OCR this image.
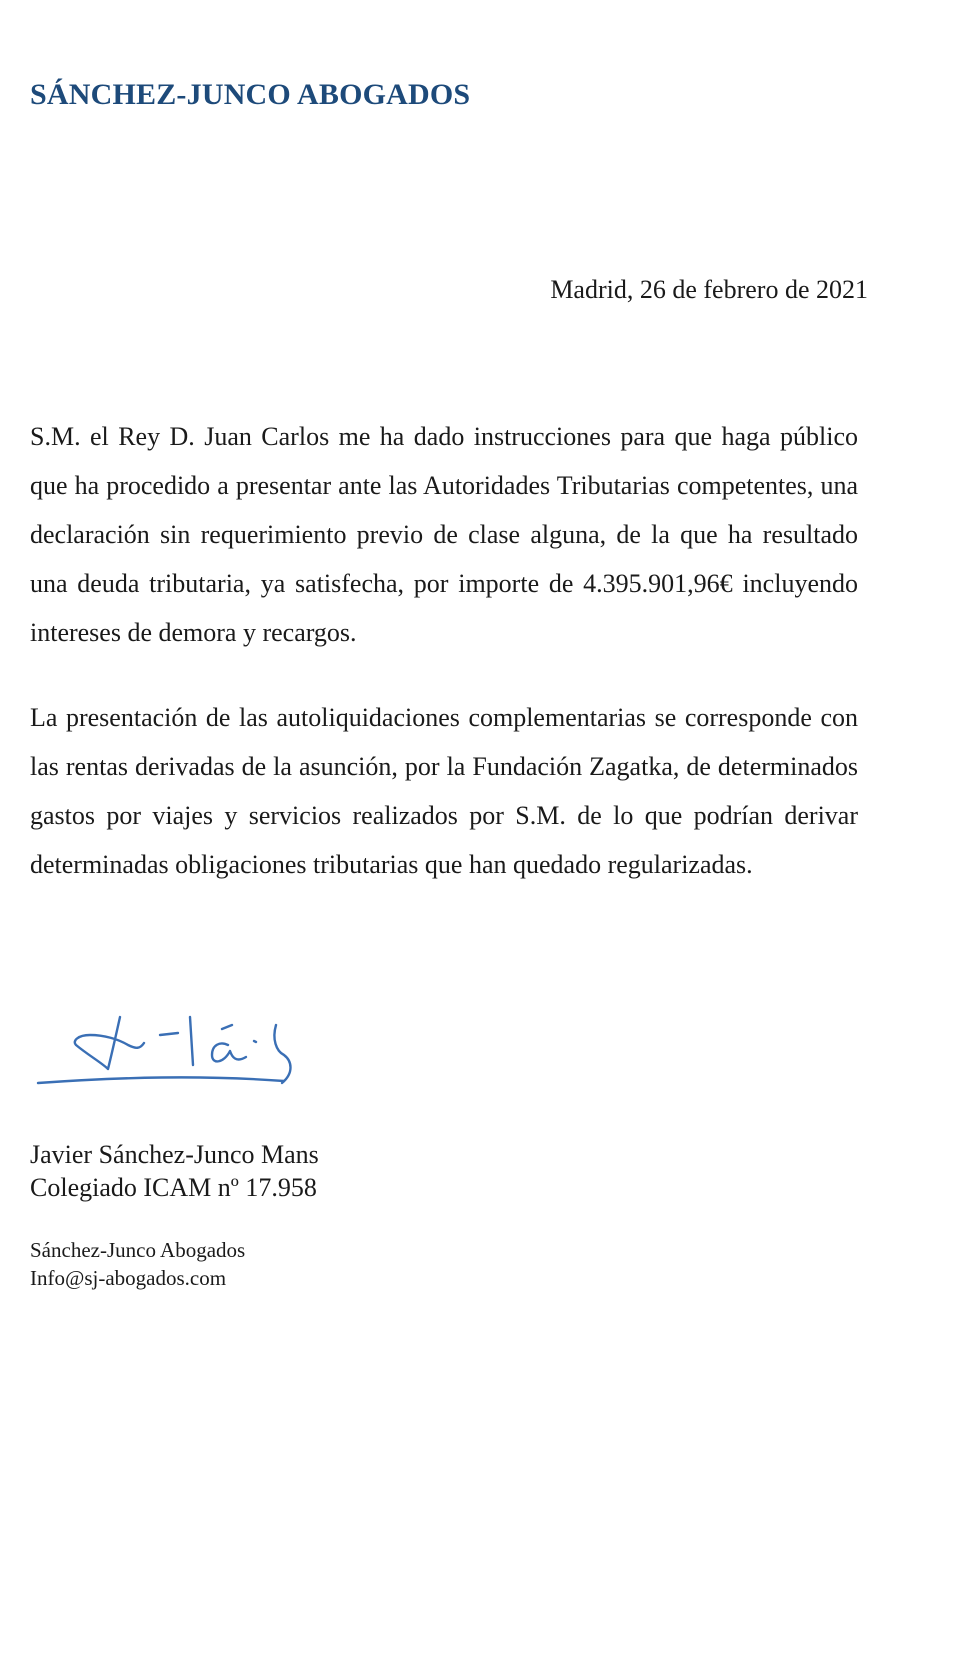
SÁNCHEZ-JUNCO ABOGADOS
Madrid, 26 de febrero de 2021

S.M. el Rey D. Juan Carlos me ha dado instrucciones para que haga público que ha procedido a presentar ante las Autoridades Tributarias competentes, una declaración sin requerimiento previo de clase alguna, de la que ha resultado una deuda tributaria, ya satisfecha, por importe de 4.395.901,96€ incluyendo intereses de demora y recargos.

La presentación de las autoliquidaciones complementarias se corresponde con las rentas derivadas de la asunción, por la Fundación Zagatka, de determinados gastos por viajes y servicios realizados por S.M. de lo que podrían derivar determinadas obligaciones tributarias que han quedado regularizadas.

Javier Sánchez-Junco Mans
Colegiado ICAM nº 17.958
Sánchez-Junco Abogados
Info@sj-abogados.com
